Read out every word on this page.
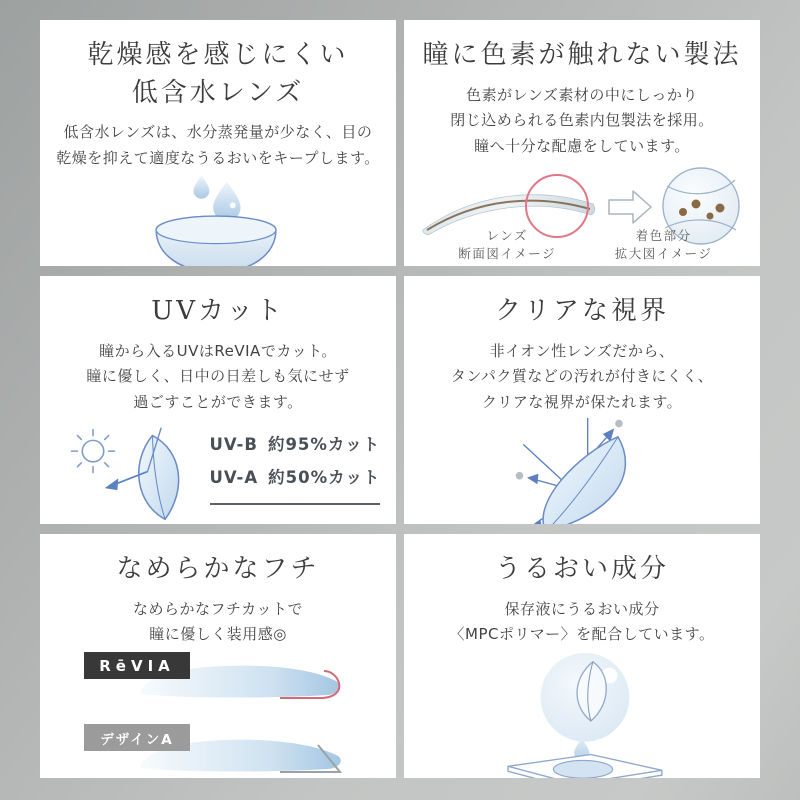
乾燥感を感じにくい
低含水レンズ
低含水レンズは、水分蒸発量が少なく、目の
乾燥を抑えて適度なうるおいをキープします。
瞳に色素が触れない製法
色素がレンズ素材の中にしっかり
閉じ込められる色素内包製法を採用。
瞳へ十分な配慮をしています。
レンズ
断面図イメージ
着色部分
拡大図イメージ
UVカット
瞳から入るUVはReVIAでカット。
瞳に優しく、日中の日差しも気にせず
過ごすことができます。
UV-B 約95%カット
UV-A 約50%カット
クリアな視界
非イオン性レンズだから、
タンパク質などの汚れが付きにくく、
クリアな視界が保たれます。
なめらかなフチ
なめらかなフチカットで
瞳に優しく装用感◎
RēVIA
デザインA
うるおい成分
保存液にうるおい成分
〈MPCポリマー〉を配合しています。
